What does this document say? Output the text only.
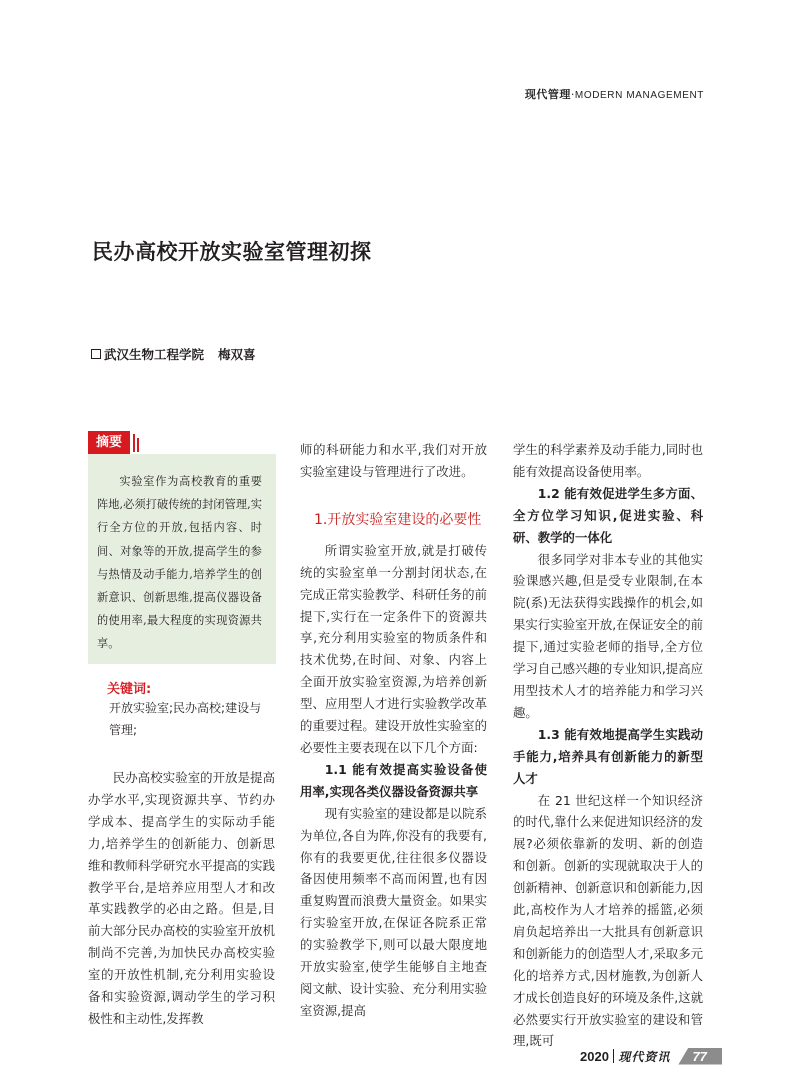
现代管理·MODERN MANAGEMENT
民办高校开放实验室管理初探
武汉生物工程学院 梅双喜
摘要
实验室作为高校教育的重要阵地,必须打破传统的封闭管理,实行全方位的开放,包括内容、时间、对象等的开放,提高学生的参与热情及动手能力,培养学生的创新意识、创新思维,提高仪器设备的使用率,最大程度的实现资源共享。
关键词:
开放实验室;民办高校;建设与管理;

民办高校实验室的开放是提高办学水平,实现资源共享、节约办学成本、提高学生的实际动手能力,培养学生的创新能力、创新思维和教师科学研究水平提高的实践教学平台,是培养应用型人才和改革实践教学的必由之路。但是,目前大部分民办高校的实验室开放机制尚不完善,为加快民办高校实验室的开放性机制,充分利用实验设备和实验资源,调动学生的学习积极性和主动性,发挥教

师的科研能力和水平,我们对开放实验室建设与管理进行了改进。

1.开放实验室建设的必要性

所谓实验室开放,就是打破传统的实验室单一分割封闭状态,在完成正常实验教学、科研任务的前提下,实行在一定条件下的资源共享,充分利用实验室的物质条件和技术优势,在时间、对象、内容上全面开放实验室资源,为培养创新型、应用型人才进行实验教学改革的重要过程。建设开放性实验室的必要性主要表现在以下几个方面:

1.1 能有效提高实验设备使用率,实现各类仪器设备资源共享

现有实验室的建设都是以院系为单位,各自为阵,你没有的我要有,你有的我要更优,往往很多仪器设备因使用频率不高而闲置,也有因重复购置而浪费大量资金。如果实行实验室开放,在保证各院系正常的实验教学下,则可以最大限度地开放实验室,使学生能够自主地查阅文献、设计实验、充分利用实验室资源,提高

学生的科学素养及动手能力,同时也能有效提高设备使用率。

1.2 能有效促进学生多方面、全方位学习知识,促进实验、科研、教学的一体化

很多同学对非本专业的其他实验课感兴趣,但是受专业限制,在本院(系)无法获得实践操作的机会,如果实行实验室开放,在保证安全的前提下,通过实验老师的指导,全方位学习自己感兴趣的专业知识,提高应用型技术人才的培养能力和学习兴趣。

1.3 能有效地提高学生实践动手能力,培养具有创新能力的新型人才

在 21 世纪这样一个知识经济的时代,靠什么来促进知识经济的发展?必须依靠新的发明、新的创造和创新。创新的实现就取决于人的创新精神、创新意识和创新能力,因此,高校作为人才培养的摇篮,必须肩负起培养出一大批具有创新意识和创新能力的创造型人才,采取多元化的培养方式,因材施教,为创新人才成长创造良好的环境及条件,这就必然要实行开放实验室的建设和管理,既可

2020 现代资讯 77
